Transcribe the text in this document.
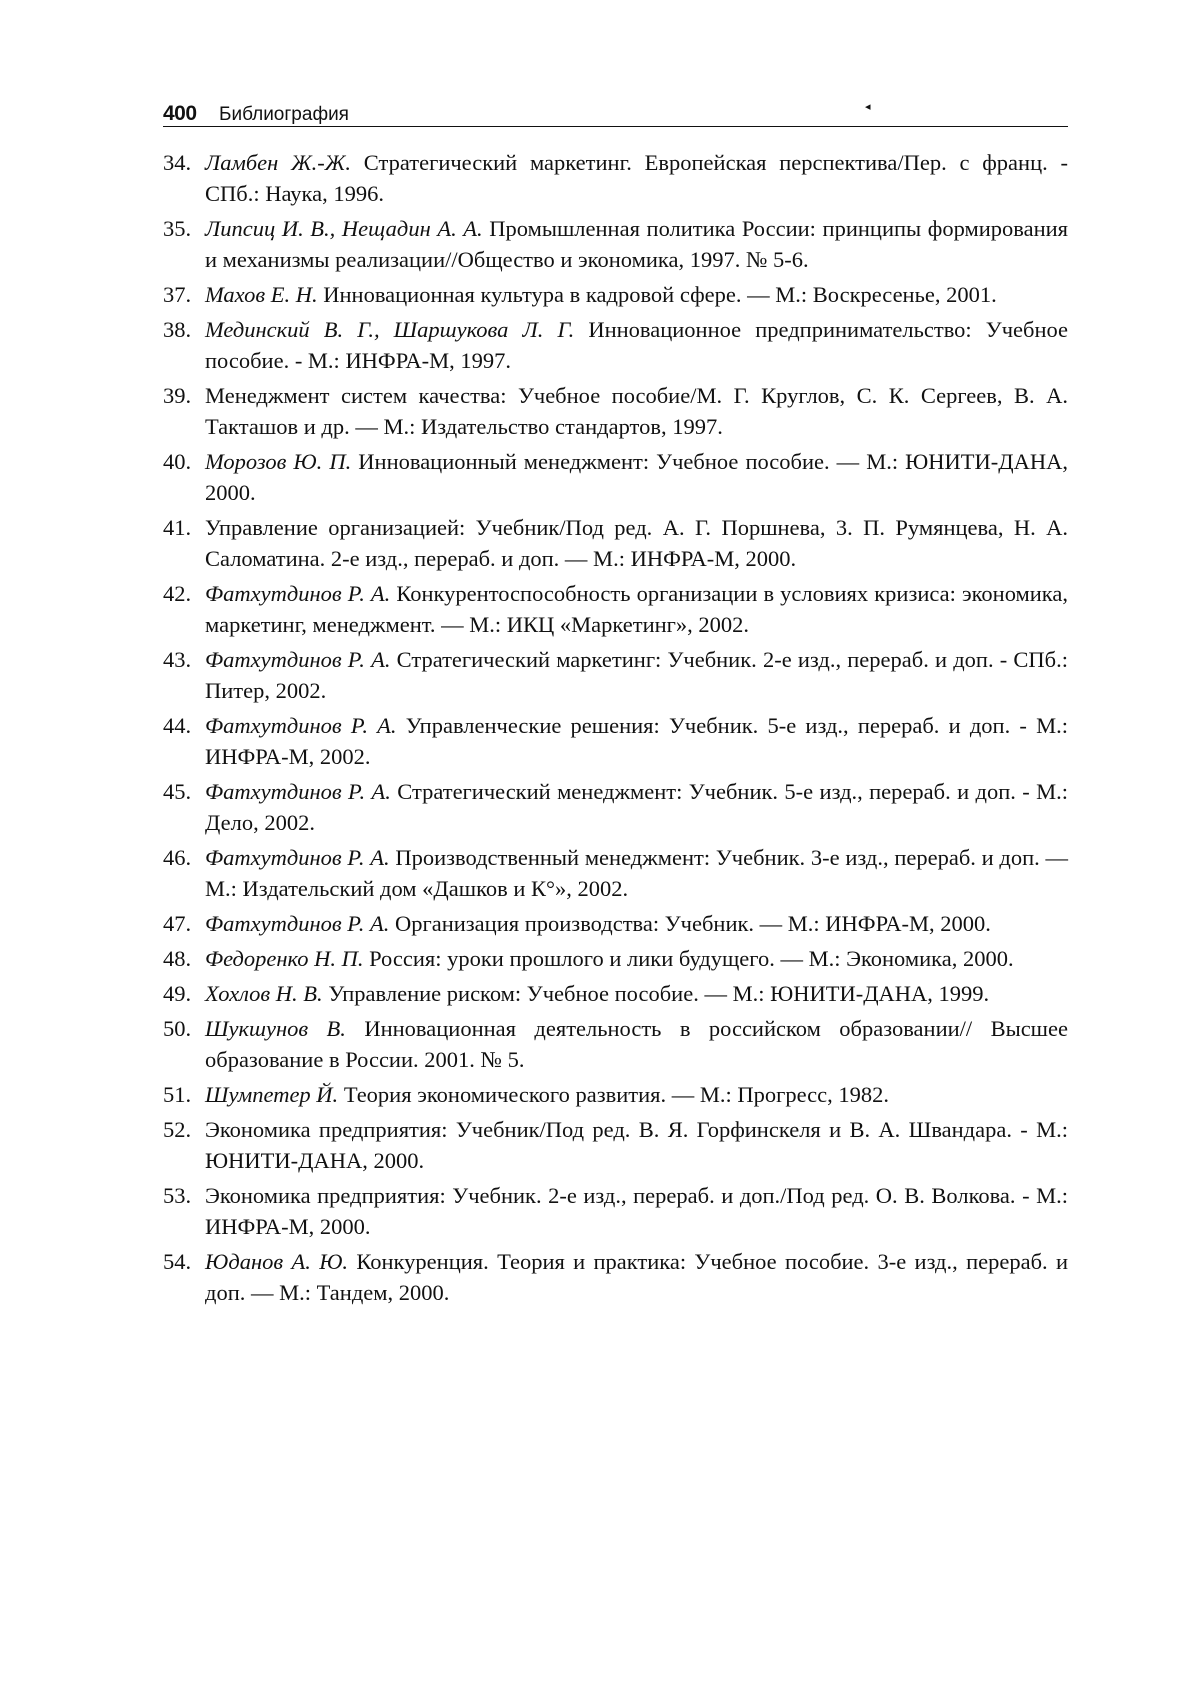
400 Библиография	◂
34. Ламбен Ж.-Ж. Стратегический маркетинг. Европейская перспектива/Пер. с франц. - СПб.: Наука, 1996.
35. Липсиц И. В., Нещадин А. А. Промышленная политика России: принципы формирования и механизмы реализации//Общество и экономика, 1997. № 5-6.
37. Махов Е. Н. Инновационная культура в кадровой сфере. — М.: Воскресенье, 2001.
38. Мединский В. Г., Шаршукова Л. Г. Инновационное предпринимательство: Учебное пособие. - М.: ИНФРА-М, 1997.
39. Менеджмент систем качества: Учебное пособие/М. Г. Круглов, С. К. Сергеев, В. А. Такташов и др. — М.: Издательство стандартов, 1997.
40. Морозов Ю. П. Инновационный менеджмент: Учебное пособие. — М.: ЮНИТИ-ДАНА, 2000.
41. Управление организацией: Учебник/Под ред. А. Г. Поршнева, 3. П. Румянцева, Н. А. Саломатина. 2-е изд., перераб. и доп. — М.: ИНФРА-М, 2000.
42. Фатхутдинов Р. А. Конкурентоспособность организации в условиях кризиса: экономика, маркетинг, менеджмент. — М.: ИКЦ «Маркетинг», 2002.
43. Фатхутдинов Р. А. Стратегический маркетинг: Учебник. 2-е изд., перераб. и доп. - СПб.: Питер, 2002.
44. Фатхутдинов Р. А. Управленческие решения: Учебник. 5-е изд., перераб. и доп. - М.: ИНФРА-М, 2002.
45. Фатхутдинов Р. А. Стратегический менеджмент: Учебник. 5-е изд., перераб. и доп. - М.: Дело, 2002.
46. Фатхутдинов Р. А. Производственный менеджмент: Учебник. 3-е изд., перераб. и доп. — М.: Издательский дом «Дашков и К°», 2002.
47. Фатхутдинов Р. А. Организация производства: Учебник. — М.: ИНФРА-М, 2000.
48. Федоренко Н. П. Россия: уроки прошлого и лики будущего. — М.: Экономика, 2000.
49. Хохлов Н. В. Управление риском: Учебное пособие. — М.: ЮНИТИ-ДАНА, 1999.
50. Шукшунов В. Инновационная деятельность в российском образовании// Высшее образование в России. 2001. № 5.
51. Шумпетер Й. Теория экономического развития. — М.: Прогресс, 1982.
52. Экономика предприятия: Учебник/Под ред. В. Я. Горфинскеля и В. А. Швандара. - М.: ЮНИТИ-ДАНА, 2000.
53. Экономика предприятия: Учебник. 2-е изд., перераб. и доп./Под ред. О. В. Волкова. - М.: ИНФРА-М, 2000.
54. Юданов А. Ю. Конкуренция. Теория и практика: Учебное пособие. 3-е изд., перераб. и доп. — М.: Тандем, 2000.
